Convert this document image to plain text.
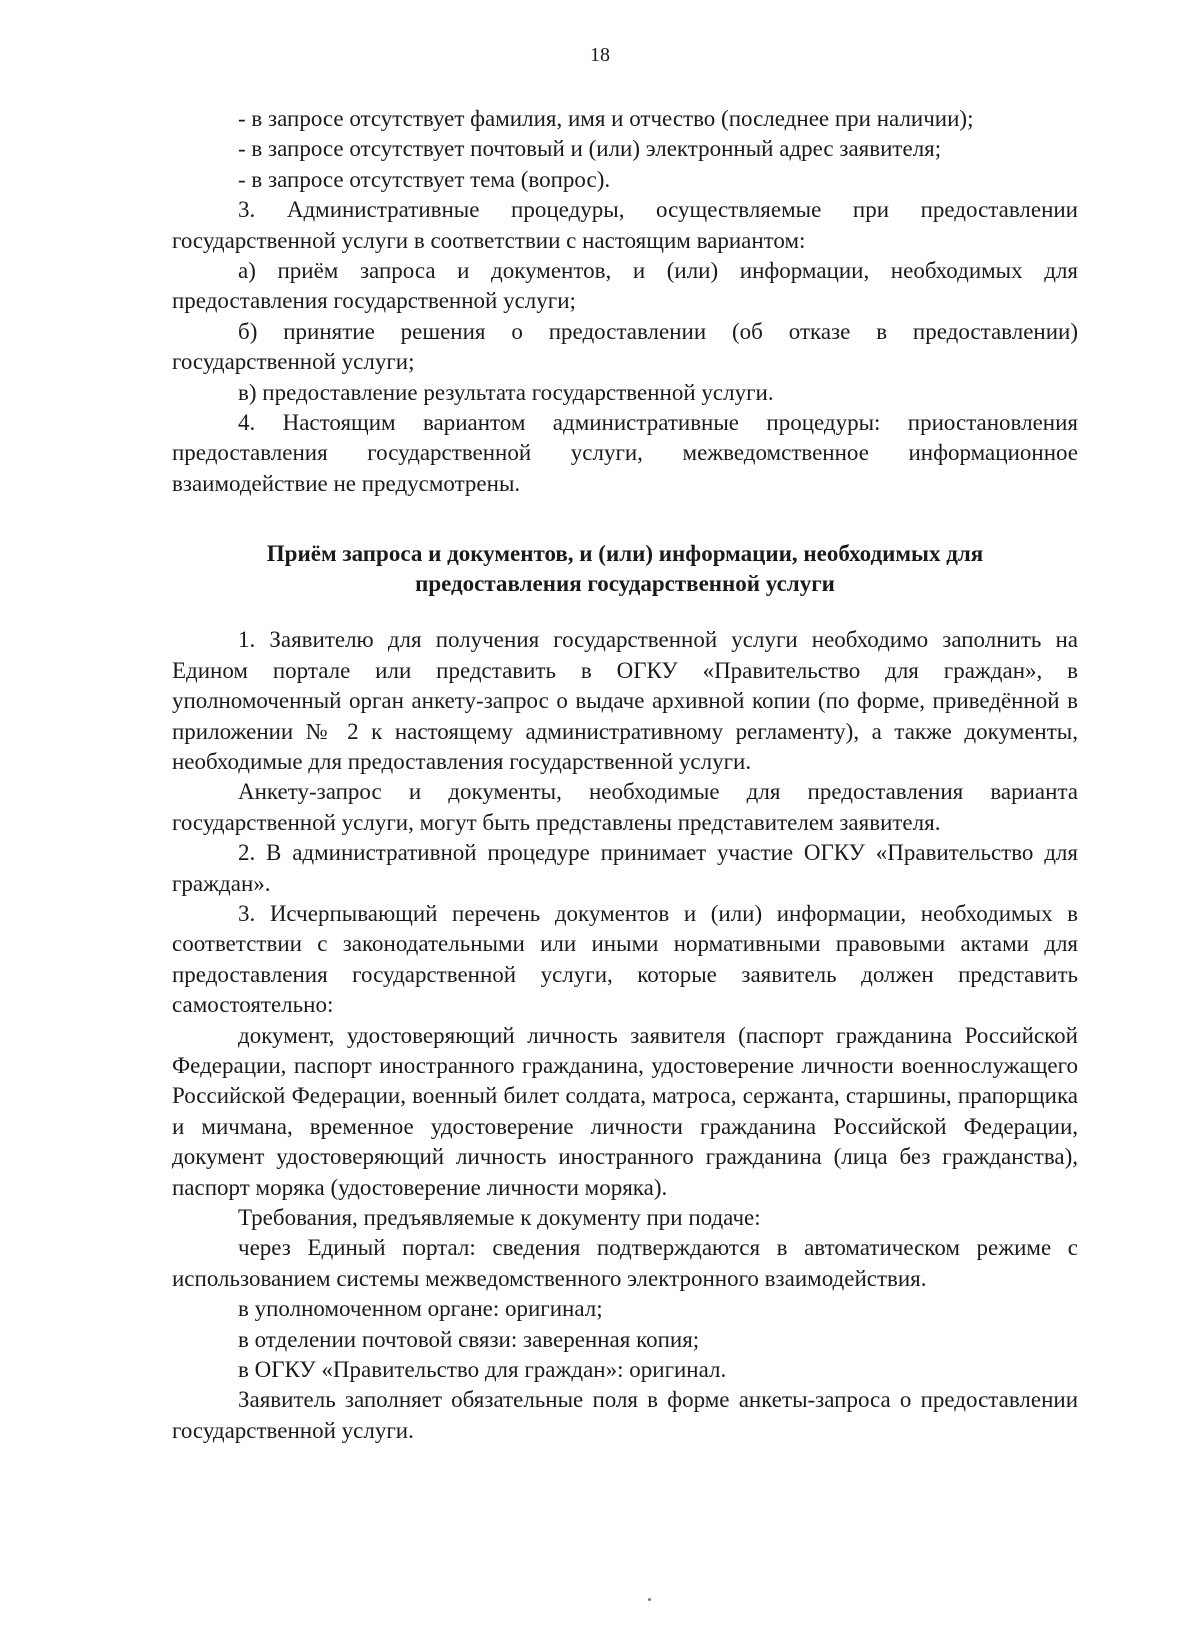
18

- в запросе отсутствует фамилия, имя и отчество (последнее при наличии);

- в запросе отсутствует почтовый и (или) электронный адрес заявителя;

- в запросе отсутствует тема (вопрос).

3. Административные процедуры, осуществляемые при предоставлении государственной услуги в соответствии с настоящим вариантом:

а) приём запроса и документов, и (или) информации, необходимых для предоставления государственной услуги;

б) принятие решения о предоставлении (об отказе в предоставлении) государственной услуги;

в) предоставление результата государственной услуги.

4. Настоящим вариантом административные процедуры: приостановления предоставления государственной услуги, межведомственное информационное взаимодействие не предусмотрены.

Приём запроса и документов, и (или) информации, необходимых для
предоставления государственной услуги

1. Заявителю для получения государственной услуги необходимо заполнить на Едином портале или представить в ОГКУ «Правительство для граждан», в уполномоченный орган анкету-запрос о выдаче архивной копии (по форме, приведённой в приложении № 2 к настоящему административному регламенту), а также документы, необходимые для предоставления государственной услуги.

Анкету-запрос и документы, необходимые для предоставления варианта государственной услуги, могут быть представлены представителем заявителя.

2. В административной процедуре принимает участие ОГКУ «Правительство для граждан».

3. Исчерпывающий перечень документов и (или) информации, необходимых в соответствии с законодательными или иными нормативными правовыми актами для предоставления государственной услуги, которые заявитель должен представить самостоятельно:

документ, удостоверяющий личность заявителя (паспорт гражданина Российской Федерации, паспорт иностранного гражданина, удостоверение личности военнослужащего Российской Федерации, военный билет солдата, матроса, сержанта, старшины, прапорщика и мичмана, временное удостоверение личности гражданина Российской Федерации, документ удостоверяющий личность иностранного гражданина (лица без гражданства), паспорт моряка (удостоверение личности моряка).

Требования, предъявляемые к документу при подаче:

через Единый портал: сведения подтверждаются в автоматическом режиме с использованием системы межведомственного электронного взаимодействия.

в уполномоченном органе: оригинал;

в отделении почтовой связи: заверенная копия;

в ОГКУ «Правительство для граждан»: оригинал.

Заявитель заполняет обязательные поля в форме анкеты-запроса о предоставлении государственной услуги.
